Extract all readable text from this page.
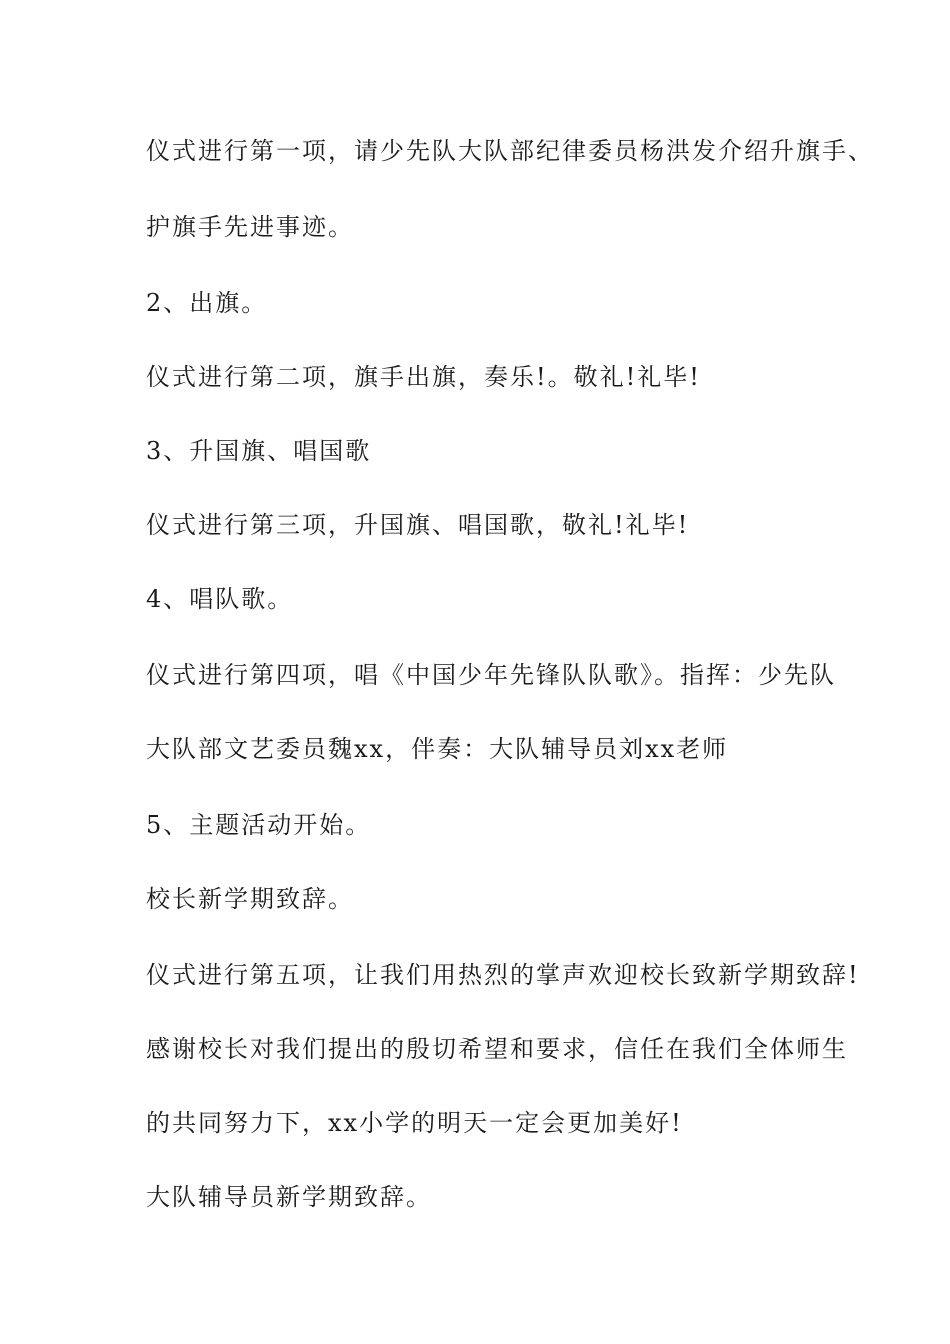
仪式进行第一项，请少先队大队部纪律委员杨洪发介绍升旗手、

护旗手先进事迹。

2、出旗。

仪式进行第二项，旗手出旗，奏乐!。敬礼!礼毕!

3、升国旗、唱国歌

仪式进行第三项，升国旗、唱国歌，敬礼!礼毕!

4、唱队歌。

仪式进行第四项，唱《中国少年先锋队队歌》。指挥：少先队

大队部文艺委员魏xx，伴奏：大队辅导员刘xx老师

5、主题活动开始。

校长新学期致辞。

仪式进行第五项，让我们用热烈的掌声欢迎校长致新学期致辞!

感谢校长对我们提出的殷切希望和要求，信任在我们全体师生

的共同努力下，xx小学的明天一定会更加美好!

大队辅导员新学期致辞。
